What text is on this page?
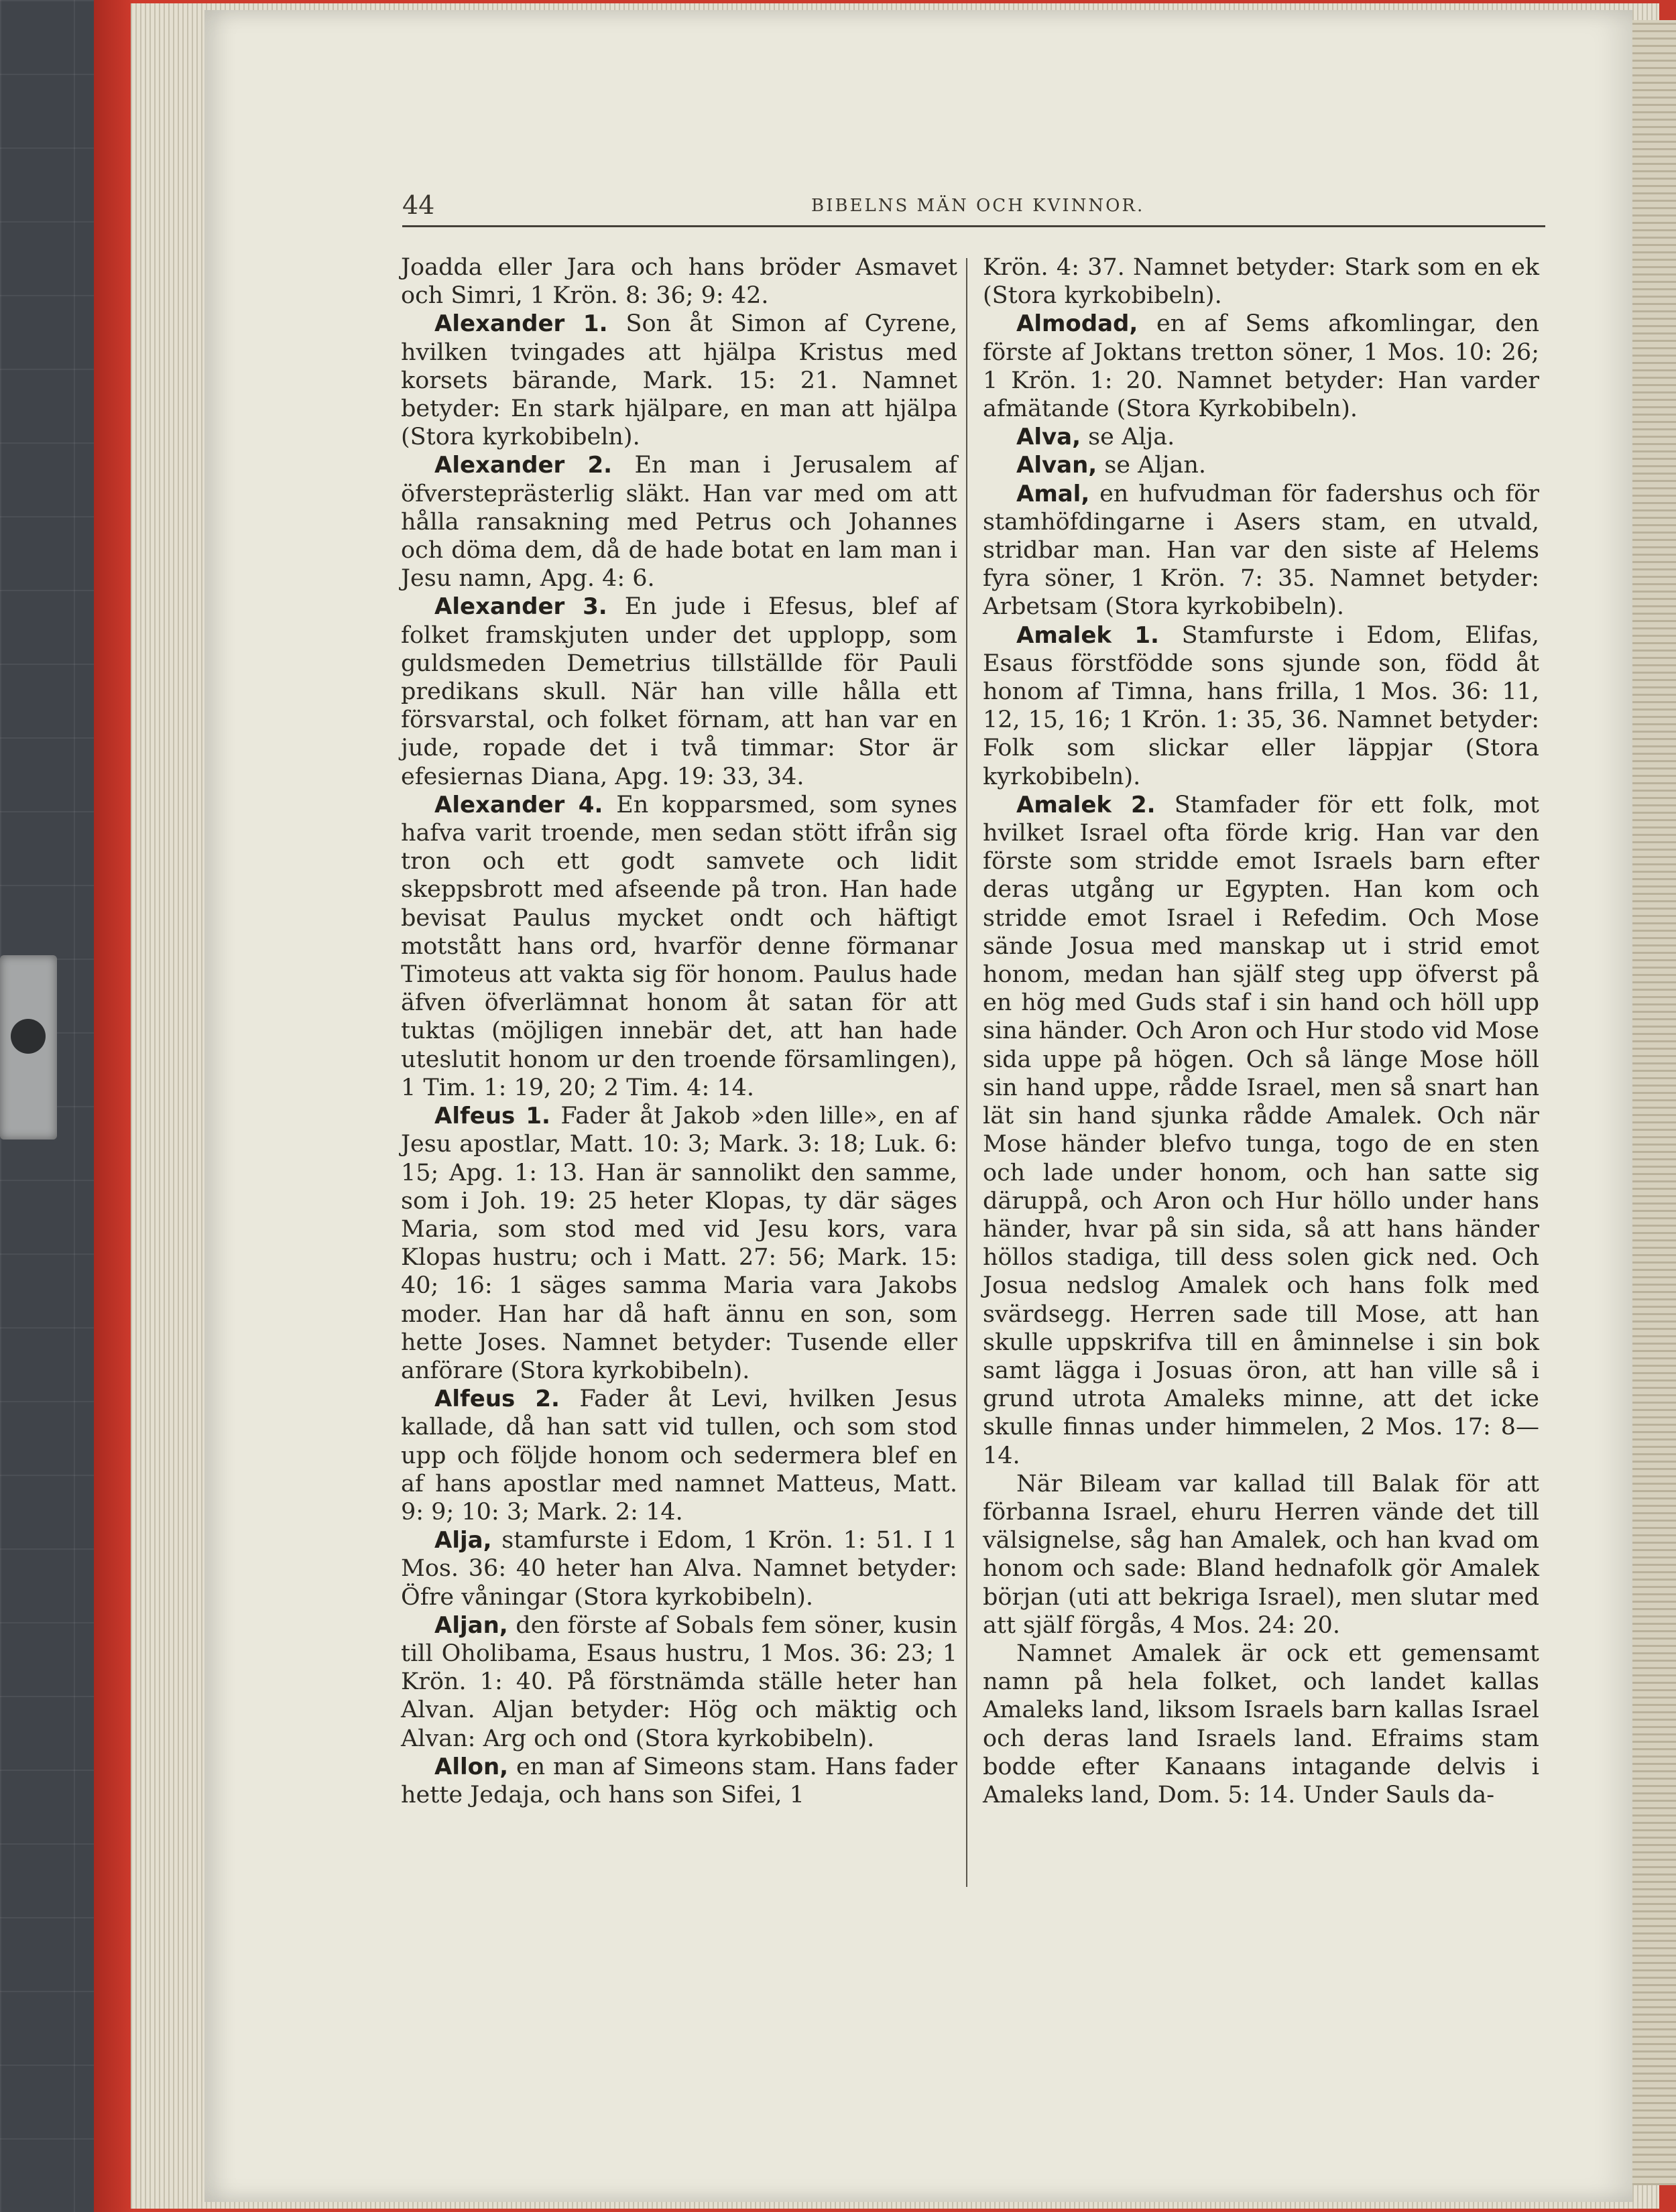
44	BIBELNS MÄN OCH KVINNOR.

Joadda eller Jara och hans bröder Asmavet och Simri, 1 Krön. 8: 36; 9: 42.

Alexander 1. Son åt Simon af Cyrene, hvilken tvingades att hjälpa Kristus med korsets bärande, Mark. 15: 21. Namnet betyder: En stark hjälpare, en man att hjälpa (Stora kyrkobibeln).

Alexander 2. En man i Jerusalem af öfversteprästerlig släkt. Han var med om att hålla ransakning med Petrus och Johannes och döma dem, då de hade botat en lam man i Jesu namn, Apg. 4: 6.

Alexander 3. En jude i Efesus, blef af folket framskjuten under det upplopp, som guldsmeden Demetrius tillställde för Pauli predikans skull. När han ville hålla ett försvarstal, och folket förnam, att han var en jude, ropade det i två timmar: Stor är efesiernas Diana, Apg. 19: 33, 34.

Alexander 4. En kopparsmed, som synes hafva varit troende, men sedan stött ifrån sig tron och ett godt samvete och lidit skeppsbrott med afseende på tron. Han hade bevisat Paulus mycket ondt och häftigt motstått hans ord, hvarför denne förmanar Timoteus att vakta sig för honom. Paulus hade äfven öfverlämnat honom åt satan för att tuktas (möjligen innebär det, att han hade uteslutit honom ur den troende församlingen), 1 Tim. 1: 19, 20; 2 Tim. 4: 14.

Alfeus 1. Fader åt Jakob »den lille», en af Jesu apostlar, Matt. 10: 3; Mark. 3: 18; Luk. 6: 15; Apg. 1: 13. Han är sannolikt den samme, som i Joh. 19: 25 heter Klopas, ty där säges Maria, som stod med vid Jesu kors, vara Klopas hustru; och i Matt. 27: 56; Mark. 15: 40; 16: 1 säges samma Maria vara Jakobs moder. Han har då haft ännu en son, som hette Joses. Namnet betyder: Tusende eller anförare (Stora kyrkobibeln).

Alfeus 2. Fader åt Levi, hvilken Jesus kallade, då han satt vid tullen, och som stod upp och följde honom och sedermera blef en af hans apostlar med namnet Matteus, Matt. 9: 9; 10: 3; Mark. 2: 14.

Alja, stamfurste i Edom, 1 Krön. 1: 51. I 1 Mos. 36: 40 heter han Alva. Namnet betyder: Öfre våningar (Stora kyrkobibeln).

Aljan, den förste af Sobals fem söner, kusin till Oholibama, Esaus hustru, 1 Mos. 36: 23; 1 Krön. 1: 40. På förstnämda ställe heter han Alvan. Aljan betyder: Hög och mäktig och Alvan: Arg och ond (Stora kyrkobibeln).

Allon, en man af Simeons stam. Hans fader hette Jedaja, och hans son Sifei, 1

Krön. 4: 37. Namnet betyder: Stark som en ek (Stora kyrkobibeln).

Almodad, en af Sems afkomlingar, den förste af Joktans tretton söner, 1 Mos. 10: 26; 1 Krön. 1: 20. Namnet betyder: Han varder afmätande (Stora Kyrkobibeln).

Alva, se Alja.

Alvan, se Aljan.

Amal, en hufvudman för fadershus och för stamhöfdingarne i Asers stam, en utvald, stridbar man. Han var den siste af Helems fyra söner, 1 Krön. 7: 35. Namnet betyder: Arbetsam (Stora kyrkobibeln).

Amalek 1. Stamfurste i Edom, Elifas, Esaus förstfödde sons sjunde son, född åt honom af Timna, hans frilla, 1 Mos. 36: 11, 12, 15, 16; 1 Krön. 1: 35, 36. Namnet betyder: Folk som slickar eller läppjar (Stora kyrkobibeln).

Amalek 2. Stamfader för ett folk, mot hvilket Israel ofta förde krig. Han var den förste som stridde emot Israels barn efter deras utgång ur Egypten. Han kom och stridde emot Israel i Refedim. Och Mose sände Josua med manskap ut i strid emot honom, medan han själf steg upp öfverst på en hög med Guds staf i sin hand och höll upp sina händer. Och Aron och Hur stodo vid Mose sida uppe på högen. Och så länge Mose höll sin hand uppe, rådde Israel, men så snart han lät sin hand sjunka rådde Amalek. Och när Mose händer blefvo tunga, togo de en sten och lade under honom, och han satte sig däruppå, och Aron och Hur höllo under hans händer, hvar på sin sida, så att hans händer höllos stadiga, till dess solen gick ned. Och Josua nedslog Amalek och hans folk med svärdsegg. Herren sade till Mose, att han skulle uppskrifva till en åminnelse i sin bok samt lägga i Josuas öron, att han ville så i grund utrota Amaleks minne, att det icke skulle finnas under himmelen, 2 Mos. 17: 8—14.

När Bileam var kallad till Balak för att förbanna Israel, ehuru Herren vände det till välsignelse, såg han Amalek, och han kvad om honom och sade: Bland hednafolk gör Amalek början (uti att bekriga Israel), men slutar med att själf förgås, 4 Mos. 24: 20.

Namnet Amalek är ock ett gemensamt namn på hela folket, och landet kallas Amaleks land, liksom Israels barn kallas Israel och deras land Israels land. Efraims stam bodde efter Kanaans intagande delvis i Amaleks land, Dom. 5: 14. Under Sauls da-
